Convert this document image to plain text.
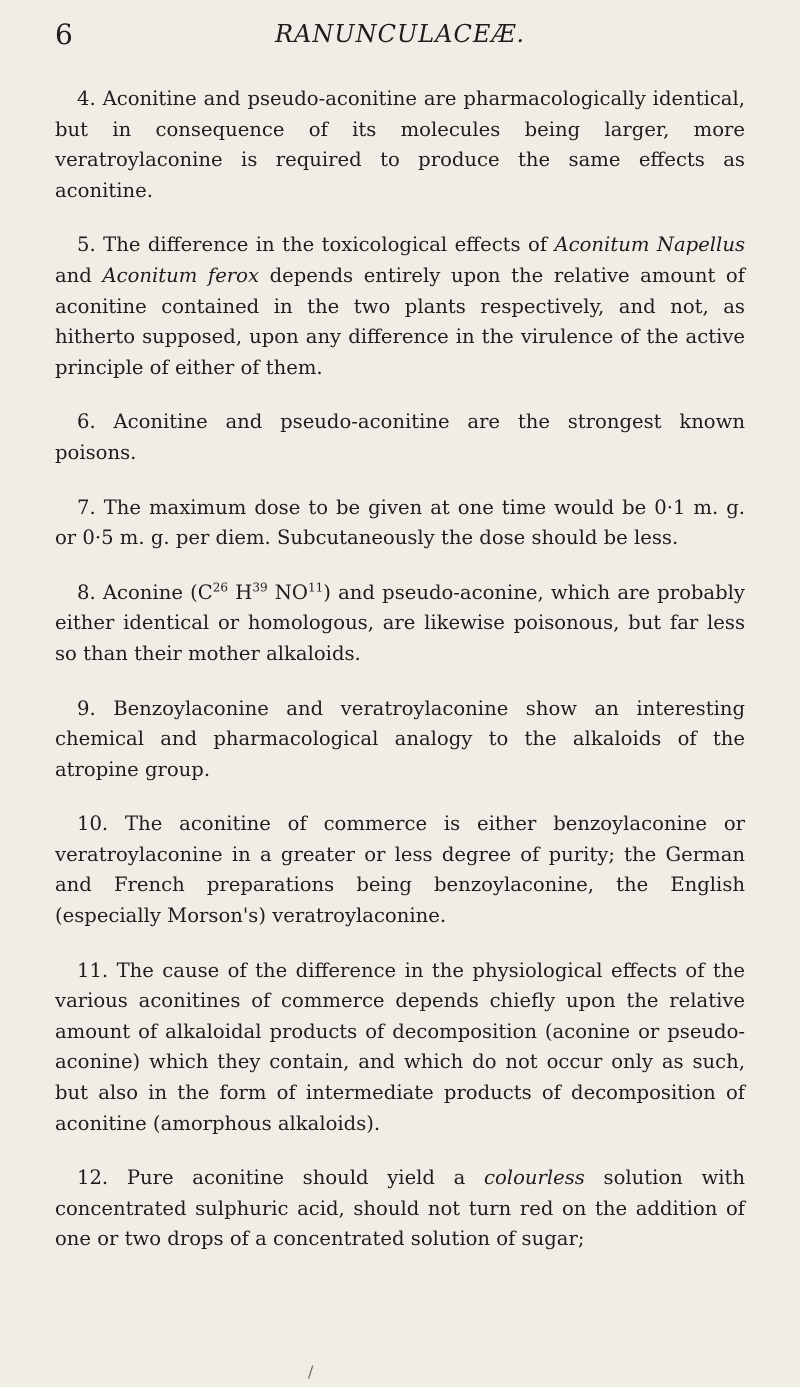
6	RANUNCULACEÆ.

4. Aconitine and pseudo-aconitine are pharmacologically identical, but in consequence of its molecules being larger, more veratroylaconine is required to produce the same effects as aconitine.

5. The difference in the toxicological effects of Aconitum Napellus and Aconitum ferox depends entirely upon the relative amount of aconitine contained in the two plants respectively, and not, as hitherto supposed, upon any difference in the virulence of the active principle of either of them.

6. Aconitine and pseudo-aconitine are the strongest known poisons.

7. The maximum dose to be given at one time would be 0·1 m. g. or 0·5 m. g. per diem. Subcutaneously the dose should be less.

8. Aconine ($C^{26}$ $H^{39}$ NO$^{11}$) and pseudo-aconine, which are probably either identical or homologous, are likewise poisonous, but far less so than their mother alkaloids.

9. Benzoylaconine and veratroylaconine show an interesting chemical and pharmacological analogy to the alkaloids of the atropine group.

10. The aconitine of commerce is either benzoylaconine or veratroylaconine in a greater or less degree of purity; the German and French preparations being benzoylaconine, the English (especially Morson's) veratroylaconine.

11. The cause of the difference in the physiological effects of the various aconitines of commerce depends chiefly upon the relative amount of alkaloidal products of decomposition (aconine or pseudo-aconine) which they contain, and which do not occur only as such, but also in the form of intermediate products of decomposition of aconitine (amorphous alkaloids).

12. Pure aconitine should yield a colourless solution with concentrated sulphuric acid, should not turn red on the addition of one or two drops of a concentrated solution of sugar;

/
